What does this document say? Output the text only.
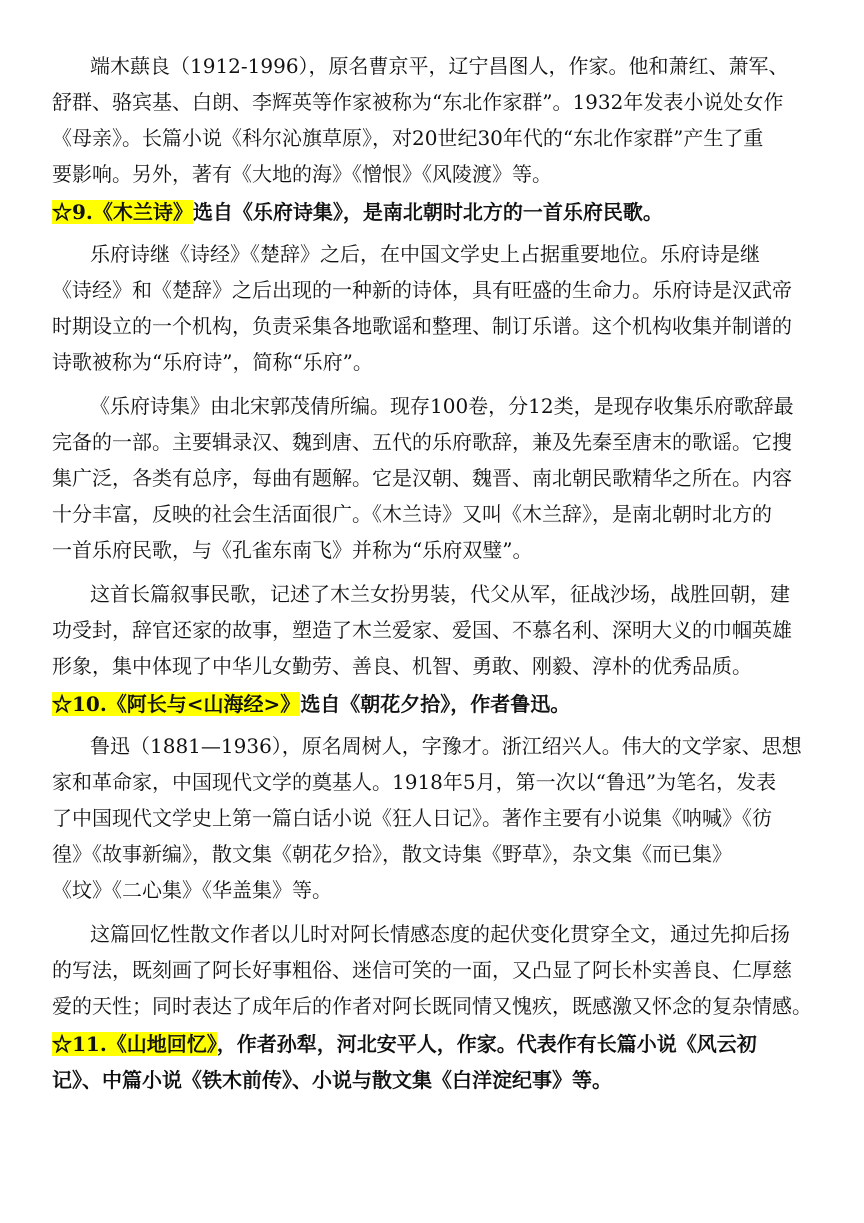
端木蕻良（1912-1996），原名曹京平，辽宁昌图人，作家。他和萧红、萧军、
舒群、骆宾基、白朗、李辉英等作家被称为“东北作家群”。1932年发表小说处女作
《母亲》。长篇小说《科尔沁旗草原》，对20世纪30年代的“东北作家群”产生了重
要影响。另外，著有《大地的海》《憎恨》《风陵渡》等。
☆9.《木兰诗》选自《乐府诗集》，是南北朝时北方的一首乐府民歌。
乐府诗继《诗经》《楚辞》之后，在中国文学史上占据重要地位。乐府诗是继
《诗经》和《楚辞》之后出现的一种新的诗体，具有旺盛的生命力。乐府诗是汉武帝
时期设立的一个机构，负责采集各地歌谣和整理、制订乐谱。这个机构收集并制谱的
诗歌被称为“乐府诗”，简称“乐府”。
《乐府诗集》由北宋郭茂倩所编。现存100卷，分12类，是现存收集乐府歌辞最
完备的一部。主要辑录汉、魏到唐、五代的乐府歌辞，兼及先秦至唐末的歌谣。它搜
集广泛，各类有总序，每曲有题解。它是汉朝、魏晋、南北朝民歌精华之所在。内容
十分丰富，反映的社会生活面很广。《木兰诗》又叫《木兰辞》，是南北朝时北方的
一首乐府民歌，与《孔雀东南飞》并称为“乐府双璧”。
这首长篇叙事民歌，记述了木兰女扮男装，代父从军，征战沙场，战胜回朝，建
功受封，辞官还家的故事，塑造了木兰爱家、爱国、不慕名利、深明大义的巾帼英雄
形象，集中体现了中华儿女勤劳、善良、机智、勇敢、刚毅、淳朴的优秀品质。
☆10.《阿长与<山海经>》选自《朝花夕拾》，作者鲁迅。
鲁迅（1881—1936），原名周树人，字豫才。浙江绍兴人。伟大的文学家、思想
家和革命家，中国现代文学的奠基人。1918年5月，第一次以“鲁迅”为笔名，发表
了中国现代文学史上第一篇白话小说《狂人日记》。著作主要有小说集《呐喊》《彷
徨》《故事新编》，散文集《朝花夕拾》，散文诗集《野草》，杂文集《而已集》
《坟》《二心集》《华盖集》等。
这篇回忆性散文作者以儿时对阿长情感态度的起伏变化贯穿全文，通过先抑后扬
的写法，既刻画了阿长好事粗俗、迷信可笑的一面，又凸显了阿长朴实善良、仁厚慈
爱的天性；同时表达了成年后的作者对阿长既同情又愧疚，既感激又怀念的复杂情感。
☆11.《山地回忆》，作者孙犁，河北安平人，作家。代表作有长篇小说《风云初
记》、中篇小说《铁木前传》、小说与散文集《白洋淀纪事》等。
